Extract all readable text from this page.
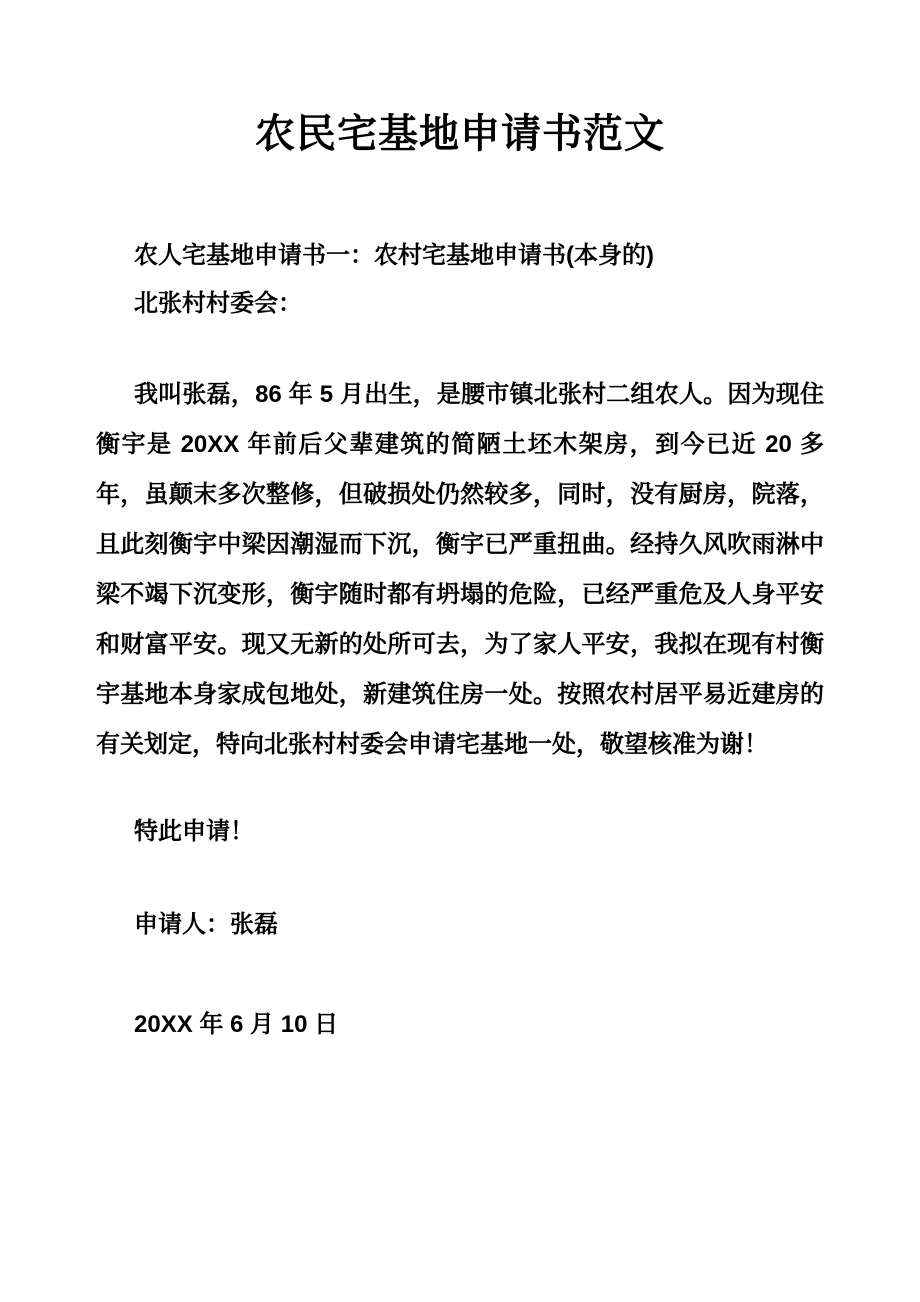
农民宅基地申请书范文

农人宅基地申请书一：农村宅基地申请书(本身的)

北张村村委会：

我叫张磊，86 年 5 月出生，是腰市镇北张村二组农人。因为现住衡宇是 20XX 年前后父辈建筑的简陋土坯木架房，到今已近 20 多年，虽颠末多次整修，但破损处仍然较多，同时，没有厨房，院落，且此刻衡宇中梁因潮湿而下沉，衡宇已严重扭曲。经持久风吹雨淋中梁不竭下沉变形，衡宇随时都有坍塌的危险，已经严重危及人身平安和财富平安。现又无新的处所可去，为了家人平安，我拟在现有村衡宇基地本身家成包地处，新建筑住房一处。按照农村居平易近建房的有关划定，特向北张村村委会申请宅基地一处，敬望核准为谢！

特此申请！

申请人：张磊

20XX 年 6 月 10 日
